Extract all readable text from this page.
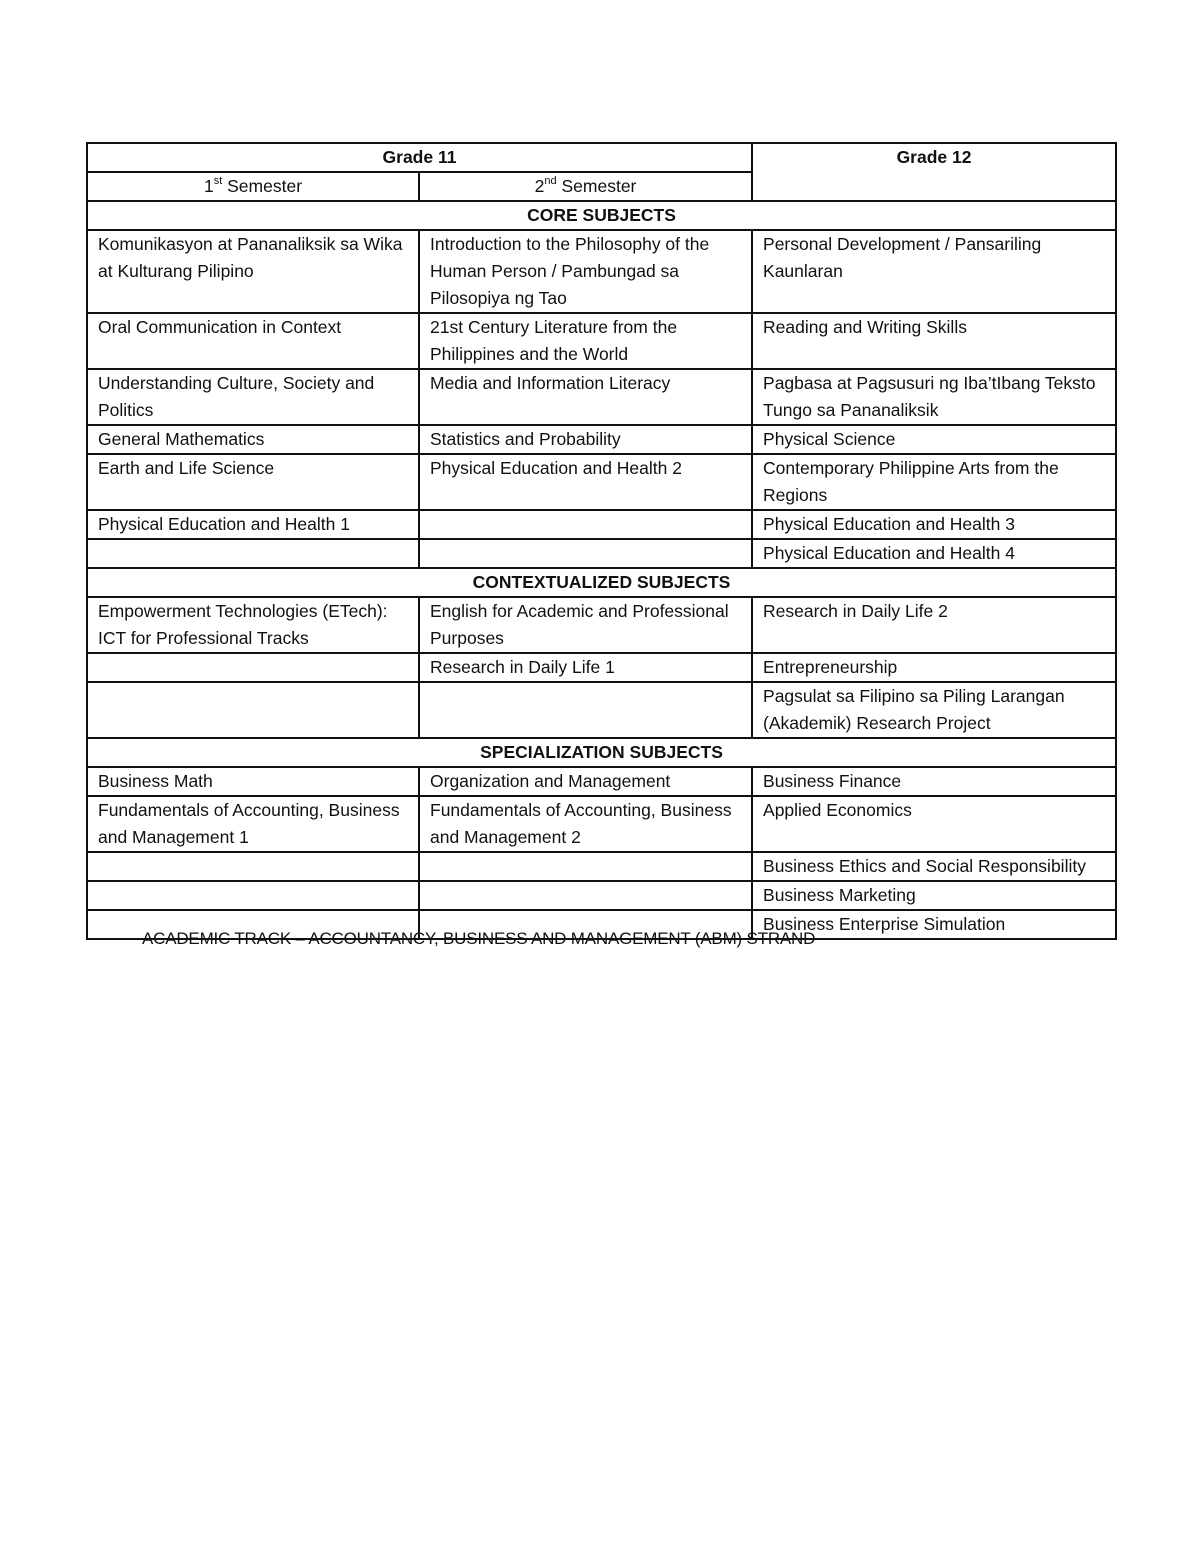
Grade 11		Grade 12
1st Semester	2nd Semester	
CORE SUBJECTS		
Komunikasyon at Pananaliksik sa Wika at Kulturang Pilipino	Introduction to the Philosophy of the Human Person / Pambungad sa Pilosopiya ng Tao	Personal Development / Pansariling Kaunlaran
Oral Communication in Context	21st Century Literature from the Philippines and the World	Reading and Writing Skills
Understanding Culture, Society and Politics	Media and Information Literacy	Pagbasa at Pagsusuri ng Iba’tIbang Teksto Tungo sa Pananaliksik
General Mathematics	Statistics and Probability	Physical Science
Earth and Life Science	Physical Education and Health 2	Contemporary Philippine Arts from the Regions
Physical Education and Health 1		Physical Education and Health 3
		Physical Education and Health 4
CONTEXTUALIZED SUBJECTS		
Empowerment Technologies (ETech): ICT for Professional Tracks	English for Academic and Professional Purposes	Research in Daily Life 2
	Research in Daily Life 1	Entrepreneurship
		Pagsulat sa Filipino sa Piling Larangan (Akademik) Research Project
SPECIALIZATION SUBJECTS		
Business Math	Organization and Management	Business Finance
Fundamentals of Accounting, Business and Management 1	Fundamentals of Accounting, Business and Management 2	Applied Economics
		Business Ethics and Social Responsibility
		Business Marketing
		Business Enterprise Simulation
ACADEMIC TRACK – ACCOUNTANCY, BUSINESS AND MANAGEMENT (ABM) STRAND
